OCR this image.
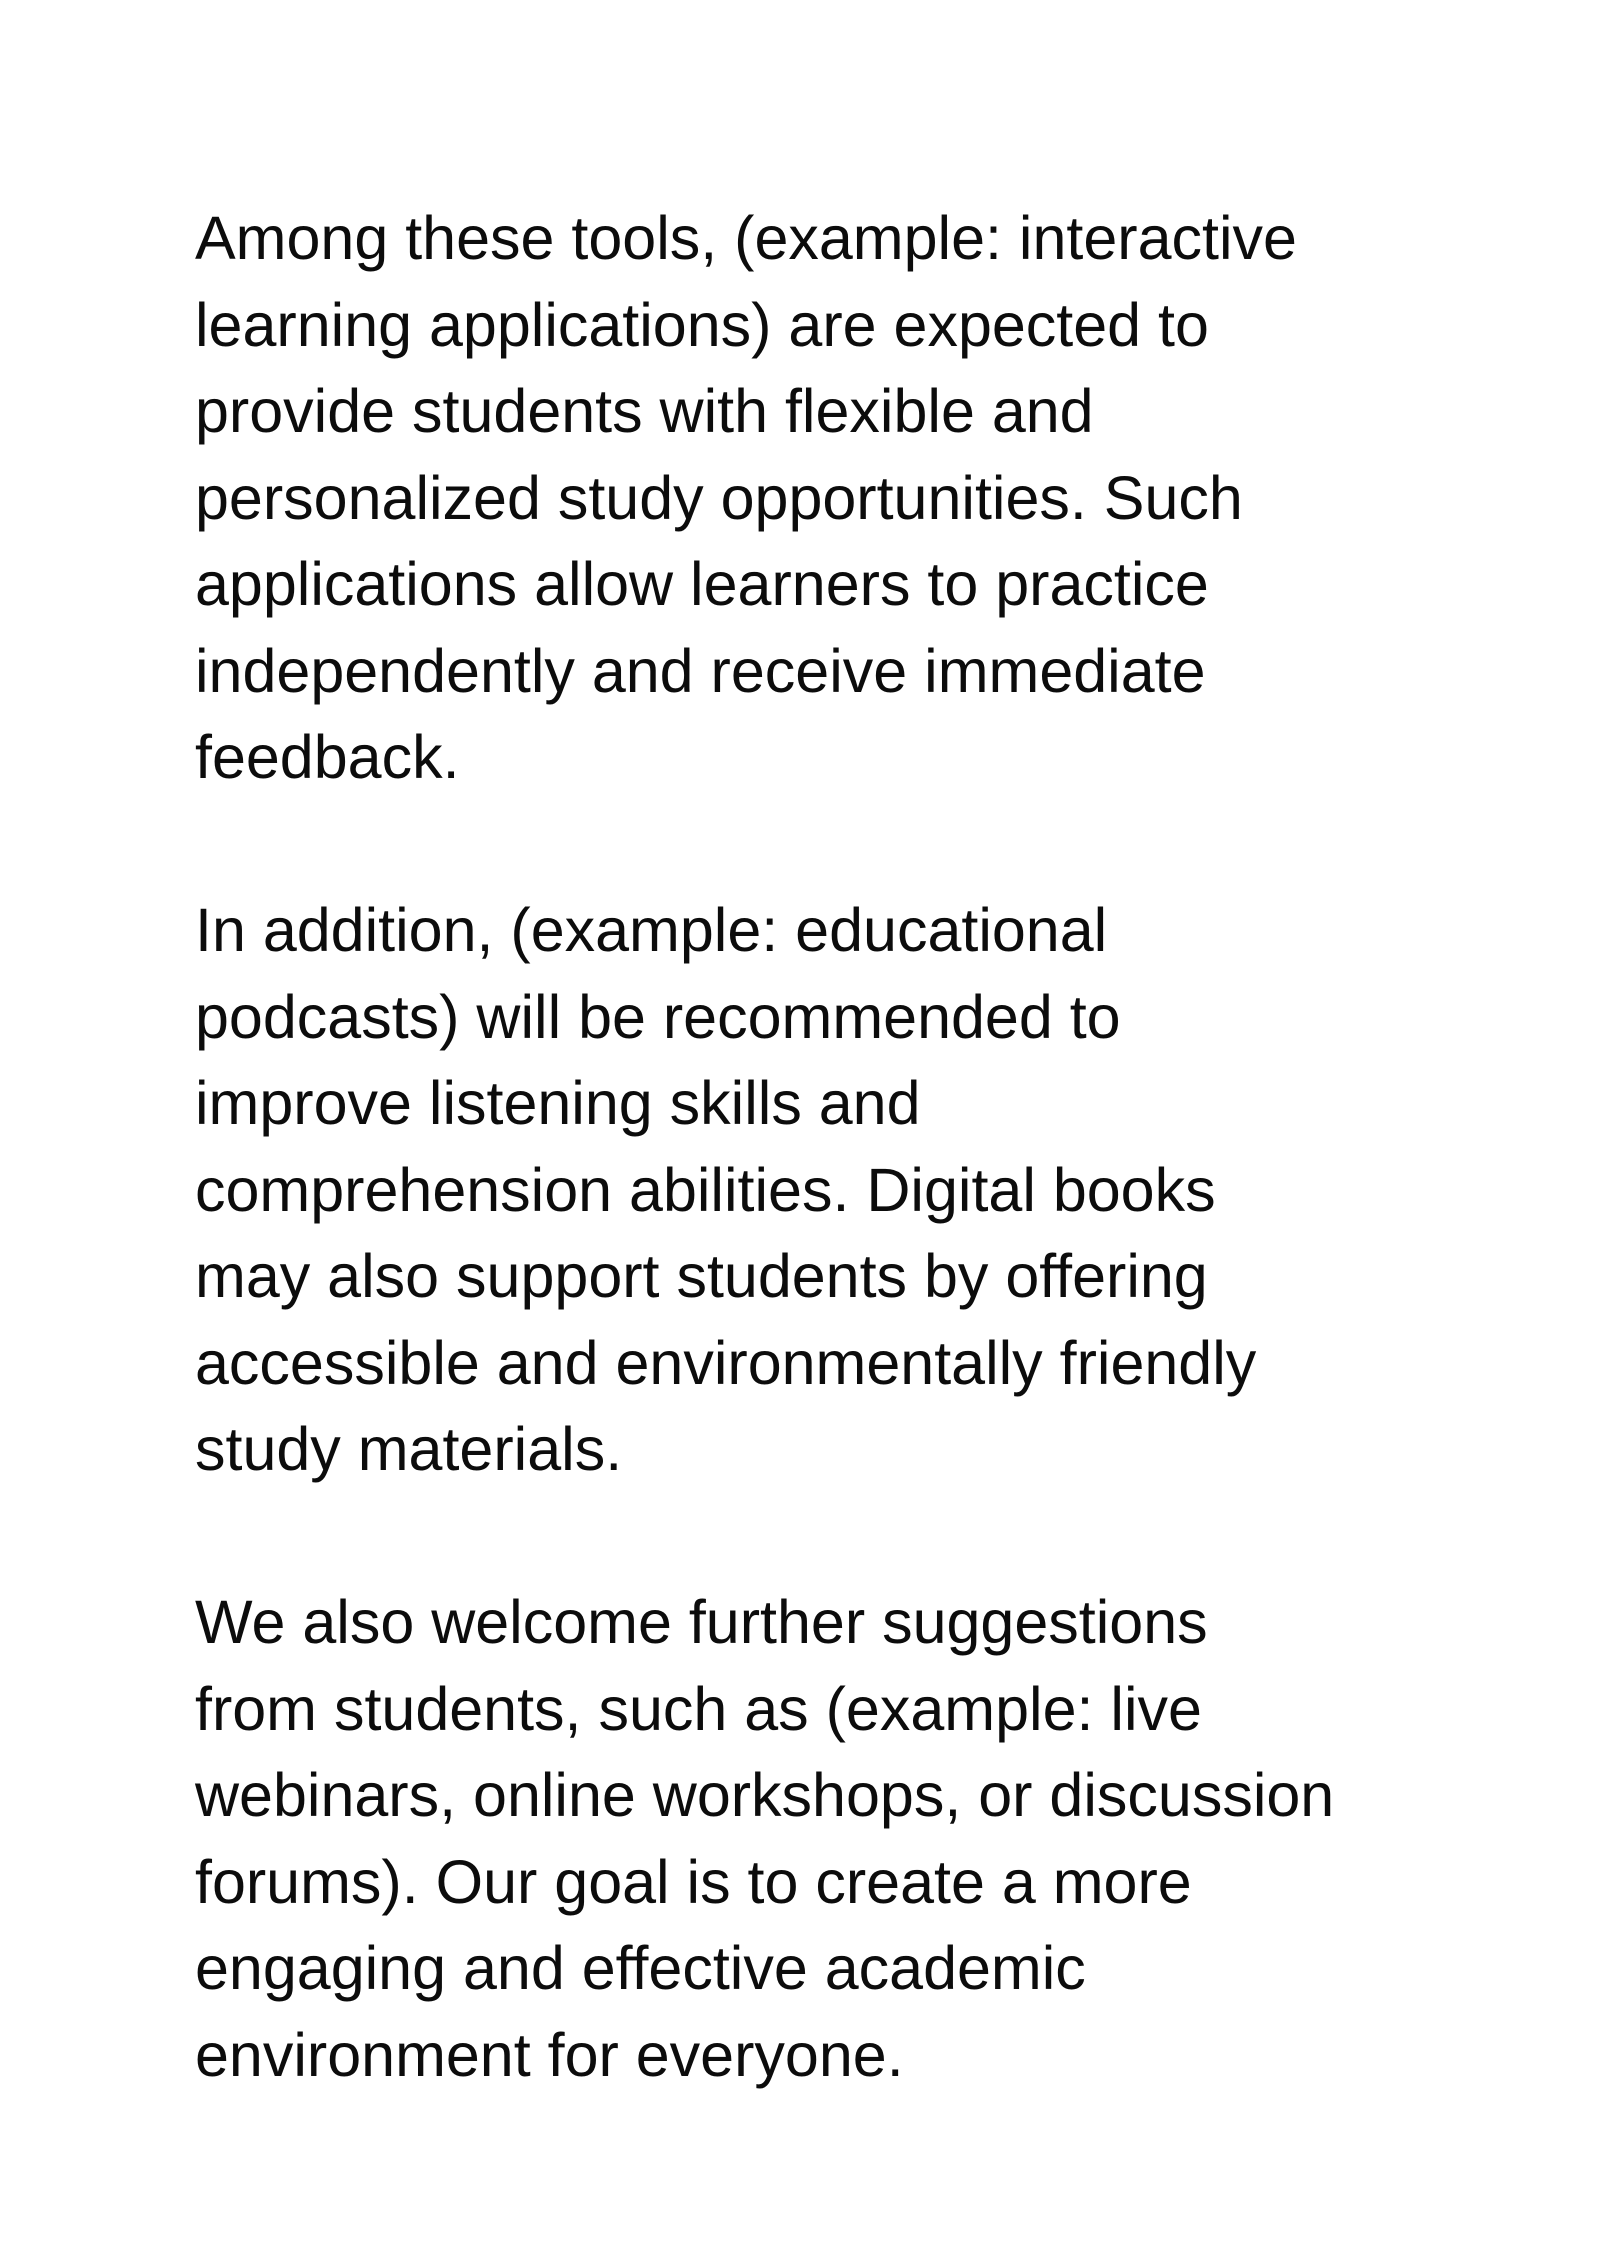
Among these tools, (example: interactive
learning applications) are expected to
provide students with flexible and
personalized study opportunities. Such
applications allow learners to practice
independently and receive immediate
feedback.

In addition, (example: educational
podcasts) will be recommended to
improve listening skills and
comprehension abilities. Digital books
may also support students by offering
accessible and environmentally friendly
study materials.

We also welcome further suggestions
from students, such as (example: live
webinars, online workshops, or discussion
forums). Our goal is to create a more
engaging and effective academic
environment for everyone.
